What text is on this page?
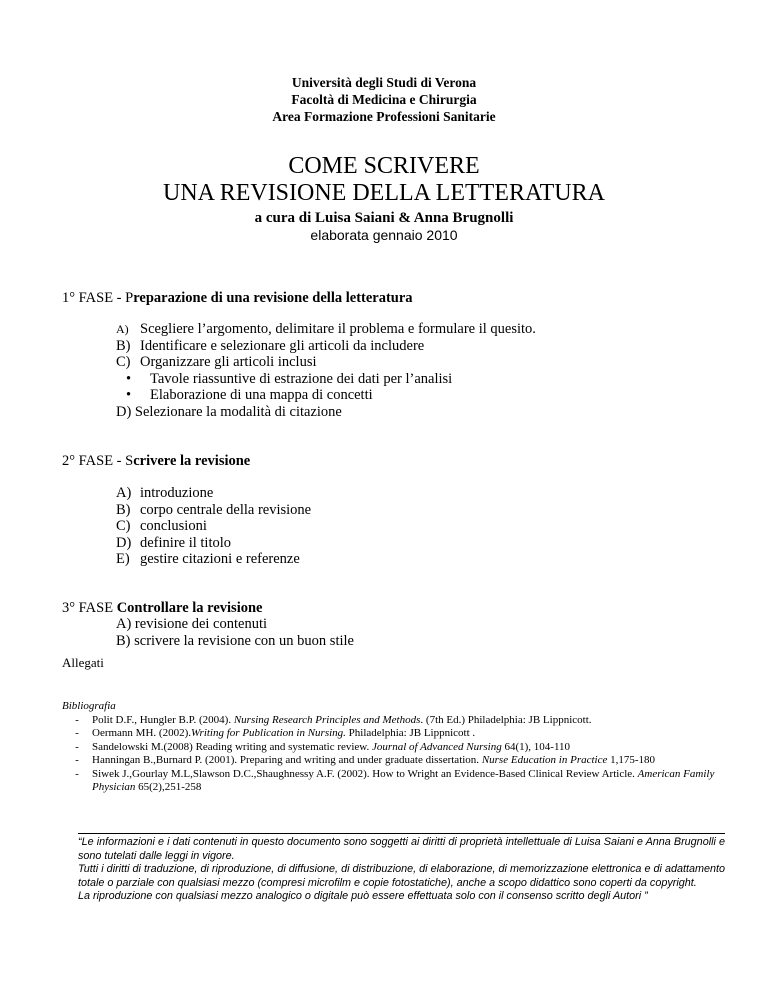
Università degli Studi di Verona
Facoltà di Medicina e Chirurgia
Area Formazione Professioni Sanitarie
COME SCRIVERE
UNA REVISIONE DELLA LETTERATURA
a cura di Luisa Saiani & Anna Brugnolli
elaborata gennaio 2010
1° FASE - Preparazione di una revisione della letteratura
A) Scegliere l’argomento, delimitare il problema e formulare il quesito.
B) Identificare e selezionare gli articoli da includere
C) Organizzare gli articoli inclusi
•	Tavole riassuntive di estrazione dei dati per l’analisi
•	Elaborazione di una mappa di concetti
D) Selezionare la modalità di citazione
2° FASE - Scrivere la revisione
A) introduzione
B) corpo centrale della revisione
C) conclusioni
D) definire il titolo
E) gestire citazioni e referenze
3° FASE Controllare la revisione
A) revisione dei contenuti
B) scrivere la revisione con un buon stile
Allegati
Bibliografia
-	Polit D.F., Hungler B.P. (2004). Nursing Research Principles and Methods. (7th Ed.) Philadelphia: JB Lippnicott.
-	Oermann MH. (2002).Writing for Publication in Nursing. Philadelphia: JB Lippnicott .
-	Sandelowski M.(2008) Reading writing and systematic review. Journal of Advanced Nursing 64(1), 104-110
-	Hanningan B.,Burnard P. (2001). Preparing and writing and under graduate dissertation. Nurse Education in Practice 1,175-180
-	Siwek J.,Gourlay M.L,Slawson D.C.,Shaughnessy A.F. (2002). How to Wright an Evidence-Based Clinical Review Article. American Family Physician 65(2),251-258

“Le informazioni e i dati contenuti in questo documento sono soggetti ai diritti di proprietà intellettuale di Luisa Saiani e Anna Brugnolli e sono tutelati dalle leggi in vigore.

Tutti i diritti di traduzione, di riproduzione, di diffusione, di distribuzione, di elaborazione, di memorizzazione elettronica e di adattamento totale o parziale con qualsiasi mezzo (compresi microfilm e copie fotostatiche), anche a scopo didattico sono coperti da copyright.

La riproduzione con qualsiasi mezzo analogico o digitale può essere effettuata solo con il consenso scritto degli Autori ”
